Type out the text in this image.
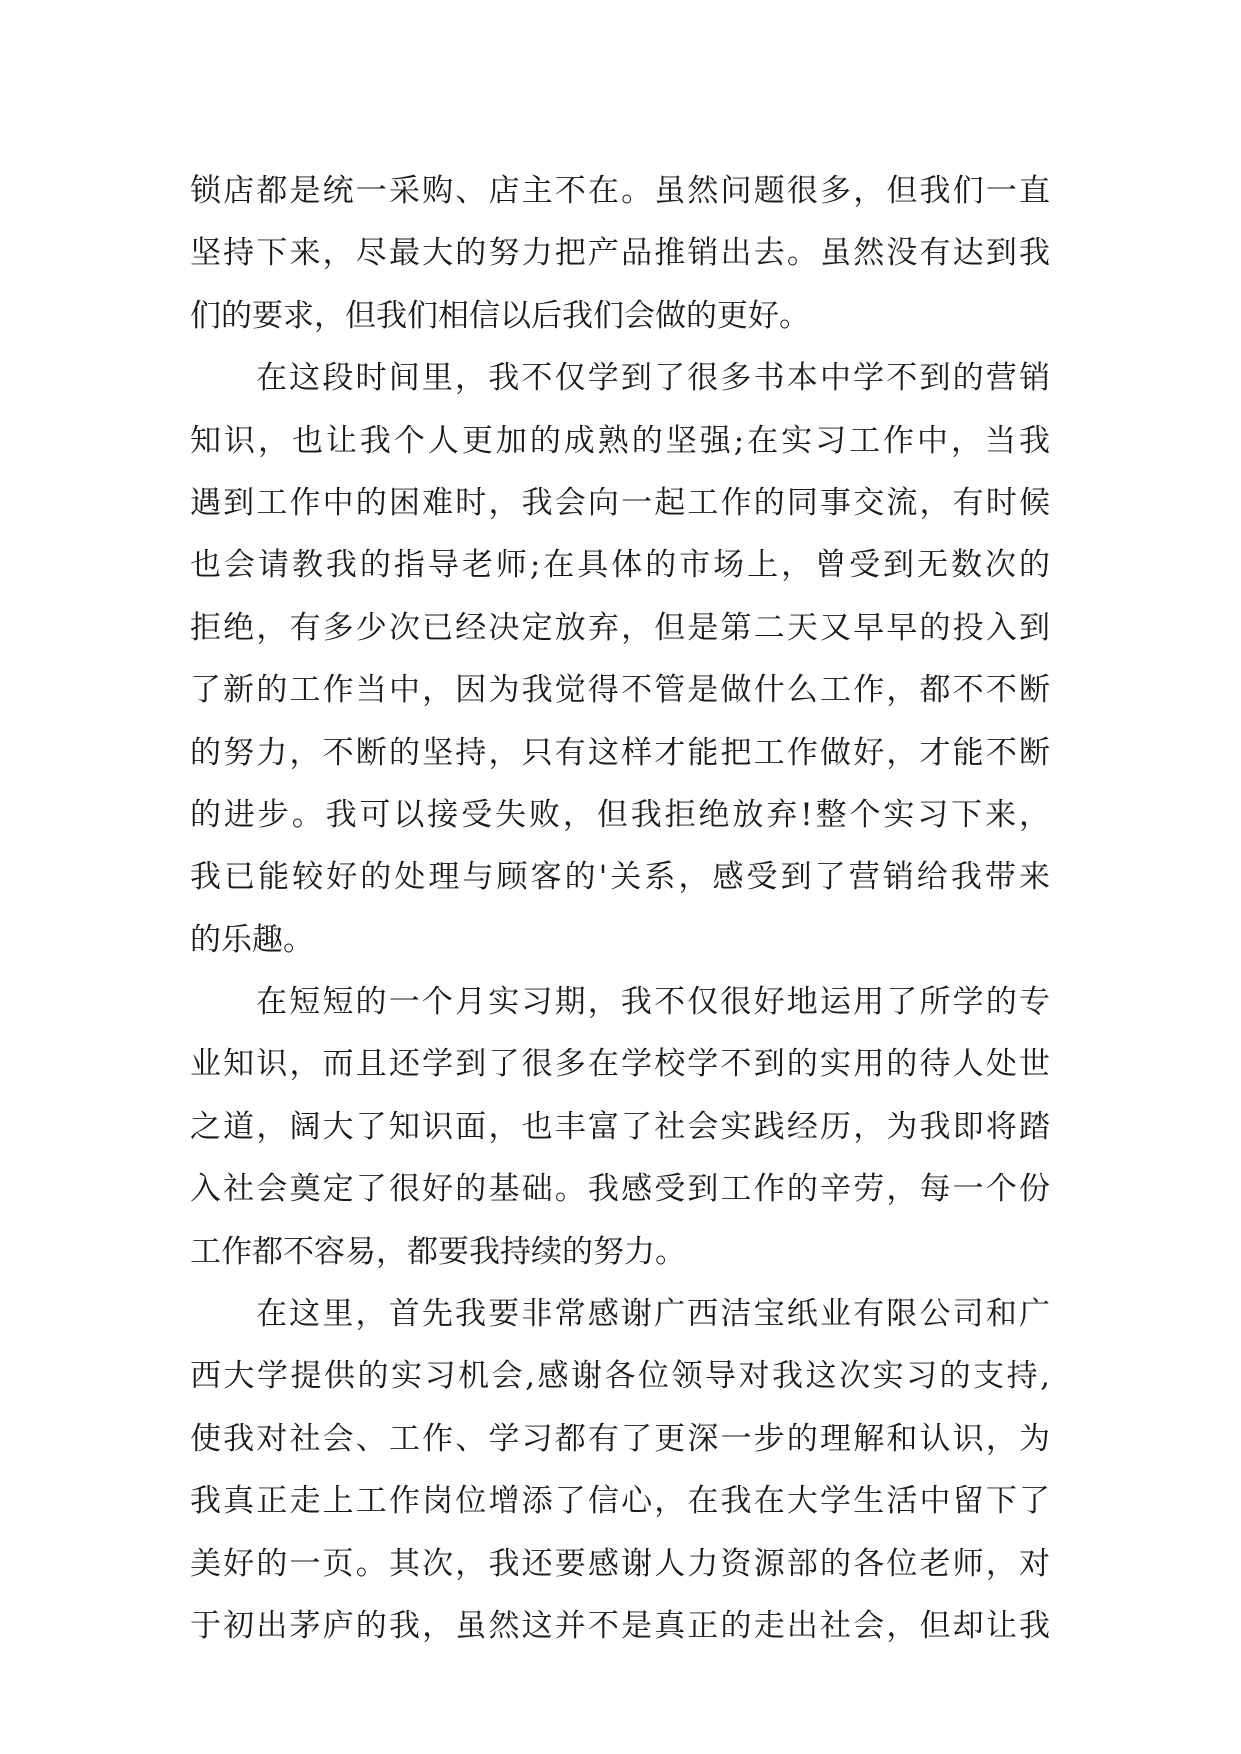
锁店都是统一采购、店主不在。虽然问题很多，但我们一直
坚持下来，尽最大的努力把产品推销出去。虽然没有达到我
们的要求，但我们相信以后我们会做的更好。
在这段时间里，我不仅学到了很多书本中学不到的营销
知识，也让我个人更加的成熟的坚强;在实习工作中，当我
遇到工作中的困难时，我会向一起工作的同事交流，有时候
也会请教我的指导老师;在具体的市场上，曾受到无数次的
拒绝，有多少次已经决定放弃，但是第二天又早早的投入到
了新的工作当中，因为我觉得不管是做什么工作，都不不断
的努力，不断的坚持，只有这样才能把工作做好，才能不断
的进步。我可以接受失败，但我拒绝放弃!整个实习下来，
我已能较好的处理与顾客的'关系，感受到了营销给我带来
的乐趣。
在短短的一个月实习期，我不仅很好地运用了所学的专
业知识，而且还学到了很多在学校学不到的实用的待人处世
之道，阔大了知识面，也丰富了社会实践经历，为我即将踏
入社会奠定了很好的基础。我感受到工作的辛劳，每一个份
工作都不容易，都要我持续的努力。
在这里，首先我要非常感谢广西洁宝纸业有限公司和广
西大学提供的实习机会,感谢各位领导对我这次实习的支持,
使我对社会、工作、学习都有了更深一步的理解和认识，为
我真正走上工作岗位增添了信心，在我在大学生活中留下了
美好的一页。其次，我还要感谢人力资源部的各位老师，对
于初出茅庐的我，虽然这并不是真正的走出社会，但却让我
